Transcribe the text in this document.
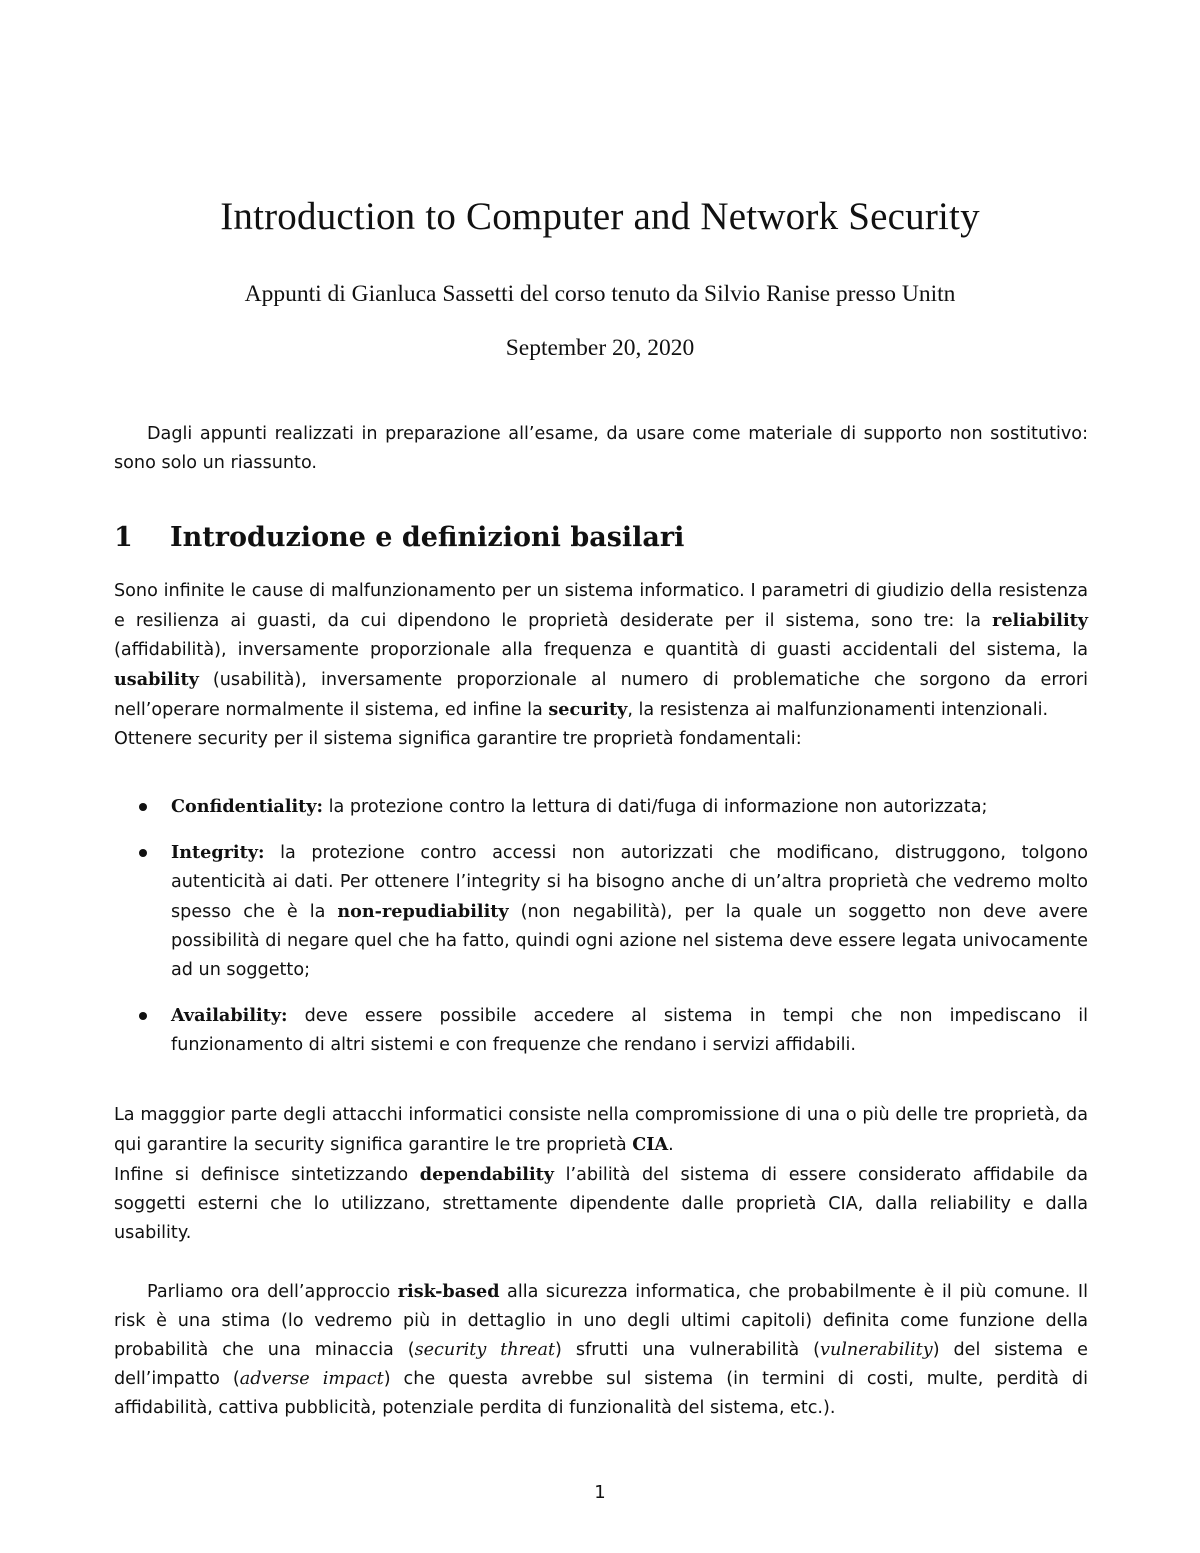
Introduction to Computer and Network Security
Appunti di Gianluca Sassetti del corso tenuto da Silvio Ranise presso Unitn
September 20, 2020

Dagli appunti realizzati in preparazione all’esame, da usare come materiale di supporto non sostitutivo: sono solo un riassunto.

1 Introduzione e definizioni basilari

Sono infinite le cause di malfunzionamento per un sistema informatico. I parametri di giudizio della resistenza e resilienza ai guasti, da cui dipendono le proprietà desiderate per il sistema, sono tre: la reliability (affidabilità), inversamente proporzionale alla frequenza e quantità di guasti accidentali del sistema, la usability (usabilità), inversamente proporzionale al numero di problematiche che sorgono da errori nell’operare normalmente il sistema, ed infine la security, la resistenza ai malfunzionamenti intenzionali.
Ottenere security per il sistema significa garantire tre proprietà fondamentali:

Confidentiality: la protezione contro la lettura di dati/fuga di informazione non autorizzata;
Integrity: la protezione contro accessi non autorizzati che modificano, distruggono, tolgono autenticità ai dati. Per ottenere l’integrity si ha bisogno anche di un’altra proprietà che vedremo molto spesso che è la non-repudiability (non negabilità), per la quale un soggetto non deve avere possibilità di negare quel che ha fatto, quindi ogni azione nel sistema deve essere legata univocamente ad un soggetto;
Availability: deve essere possibile accedere al sistema in tempi che non impediscano il funzionamento di altri sistemi e con frequenze che rendano i servizi affidabili.

La magggior parte degli attacchi informatici consiste nella compromissione di una o più delle tre proprietà, da qui garantire la security significa garantire le tre proprietà CIA.
Infine si definisce sintetizzando dependability l’abilità del sistema di essere considerato affidabile da soggetti esterni che lo utilizzano, strettamente dipendente dalle proprietà CIA, dalla reliability e dalla usability.

Parliamo ora dell’approccio risk-based alla sicurezza informatica, che probabilmente è il più comune. Il risk è una stima (lo vedremo più in dettaglio in uno degli ultimi capitoli) definita come funzione della probabilità che una minaccia (security threat) sfrutti una vulnerabilità (vulnerability) del sistema e dell’impatto (adverse impact) che questa avrebbe sul sistema (in termini di costi, multe, perdità di affidabilità, cattiva pubblicità, potenziale perdita di funzionalità del sistema, etc.).

1
